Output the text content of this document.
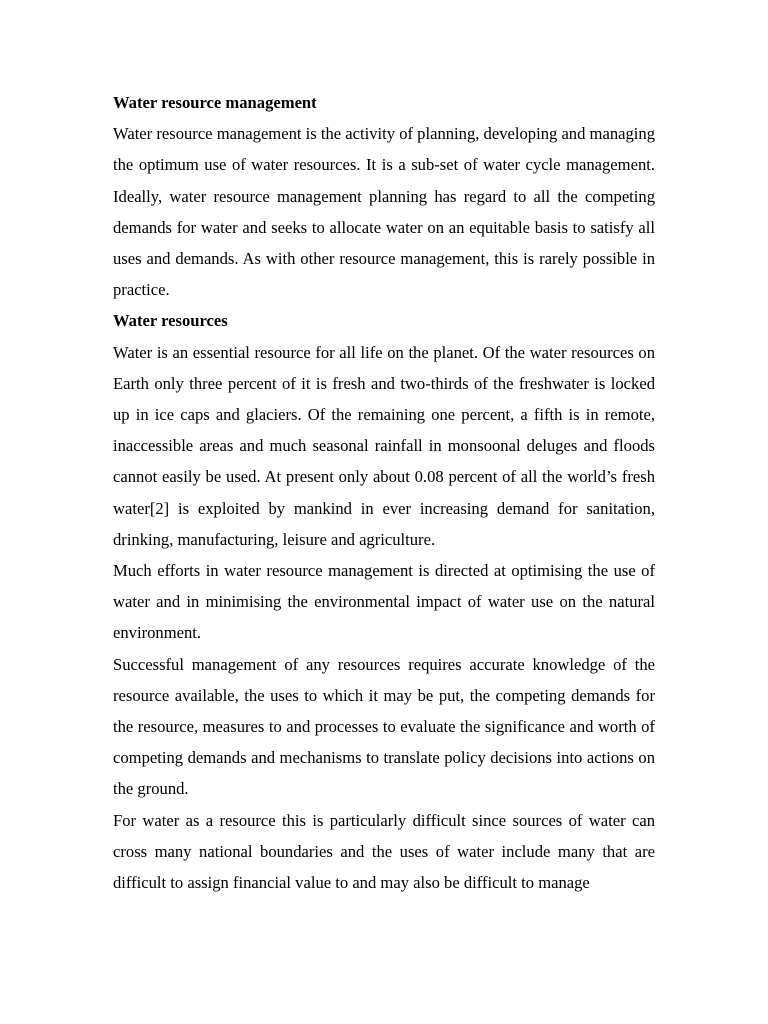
Water resource management

Water resource management is the activity of planning, developing and managing the optimum use of water resources. It is a sub-set of water cycle management. Ideally, water resource management planning has regard to all the competing demands for water and seeks to allocate water on an equitable basis to satisfy all uses and demands. As with other resource management, this is rarely possible in practice.

Water resources

Water is an essential resource for all life on the planet. Of the water resources on Earth only three percent of it is fresh and two-thirds of the freshwater is locked up in ice caps and glaciers. Of the remaining one percent, a fifth is in remote, inaccessible areas and much seasonal rainfall in monsoonal deluges and floods cannot easily be used. At present only about 0.08 percent of all the world’s fresh water[2] is exploited by mankind in ever increasing demand for sanitation, drinking, manufacturing, leisure and agriculture.

Much efforts in water resource management is directed at optimising the use of water and in minimising the environmental impact of water use on the natural environment.

Successful management of any resources requires accurate knowledge of the resource available, the uses to which it may be put, the competing demands for the resource, measures to and processes to evaluate the significance and worth of competing demands and mechanisms to translate policy decisions into actions on the ground.

For water as a resource this is particularly difficult since sources of water can cross many national boundaries and the uses of water include many that are difficult to assign financial value to and may also be difficult to manage
